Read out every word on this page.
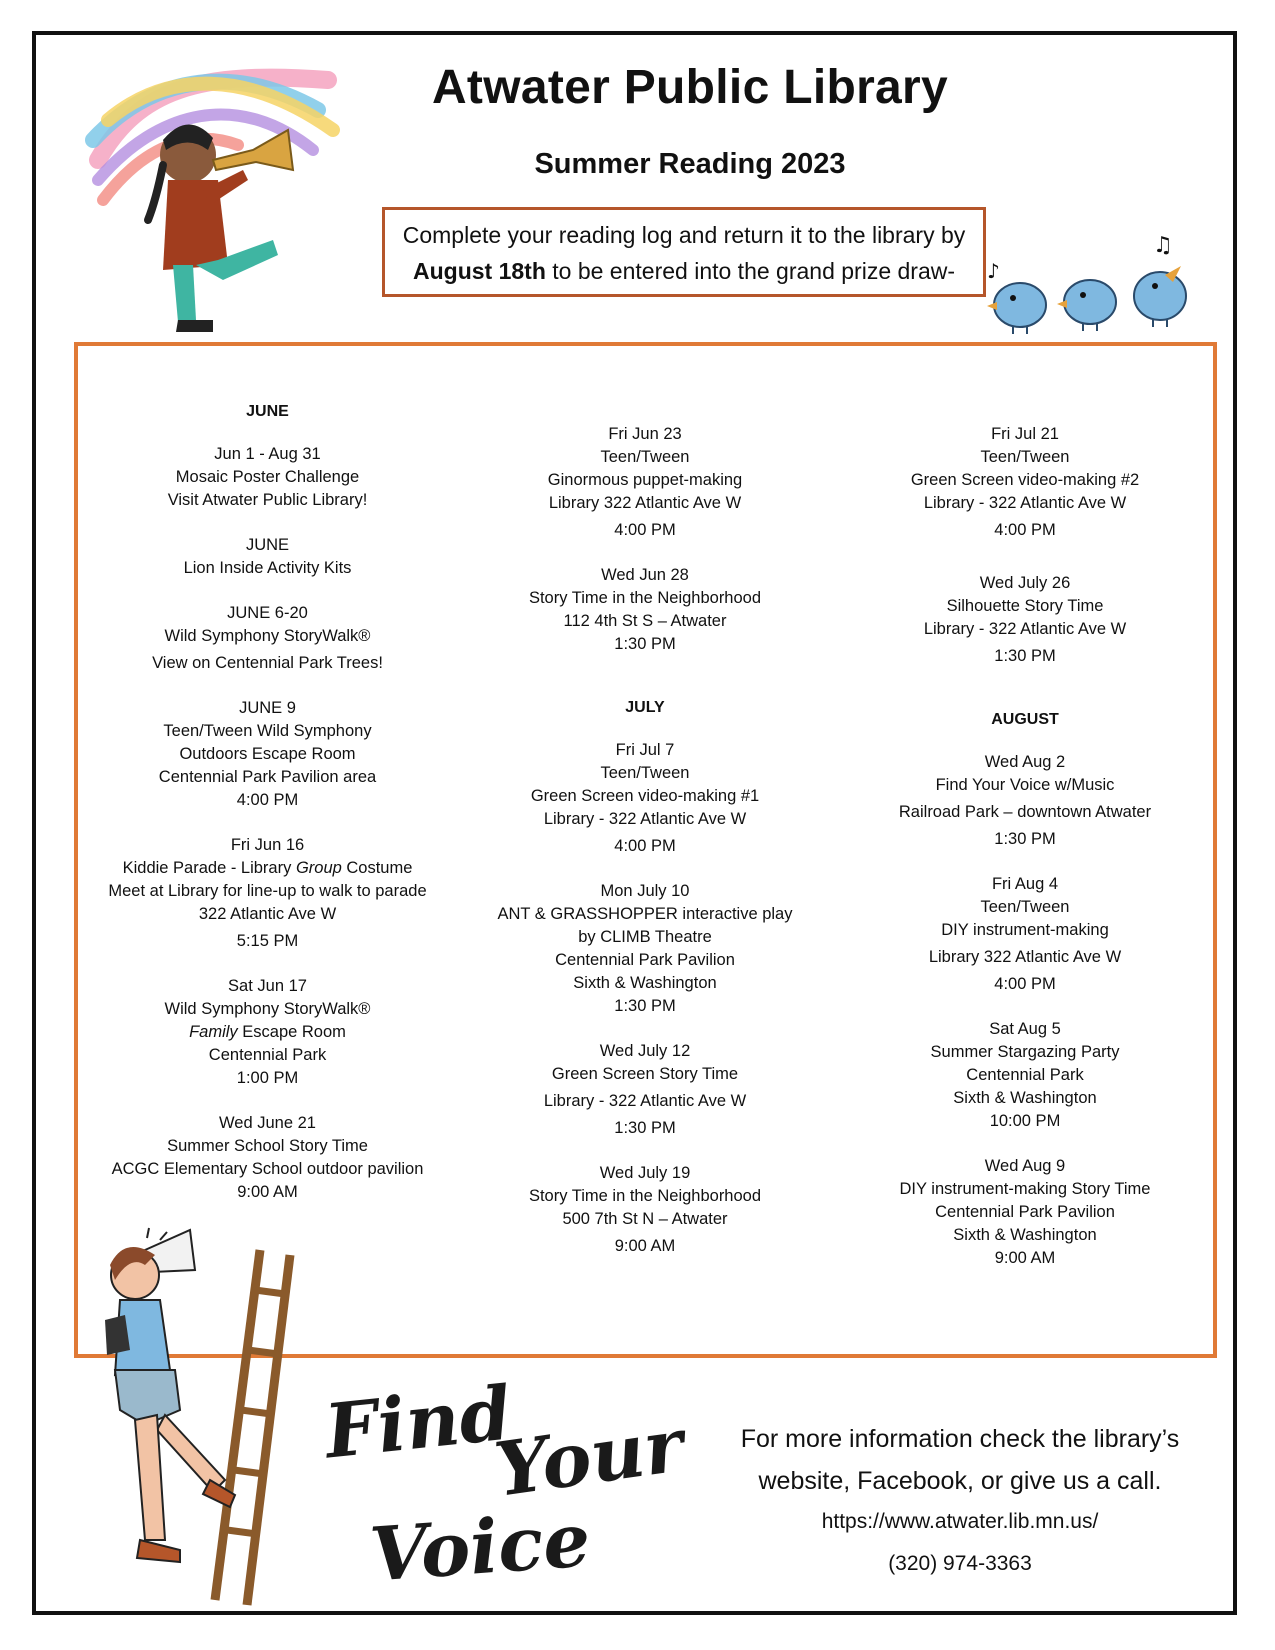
Atwater Public Library
Summer Reading 2023
Complete your reading log and return it to the library by
August 18th to be entered into the grand prize draw-
♫
♪
JUNE
Jun 1 - Aug 31
Mosaic Poster Challenge
Visit Atwater Public Library!
JUNE
Lion Inside Activity Kits
JUNE 6-20
Wild Symphony StoryWalk®
View on Centennial Park Trees!
JUNE 9
Teen/Tween Wild Symphony
Outdoors Escape Room
Centennial Park Pavilion area
4:00 PM
Fri Jun 16
Kiddie Parade - Library Group Costume
Meet at Library for line-up to walk to parade
322 Atlantic Ave W
5:15 PM
Sat Jun 17
Wild Symphony StoryWalk®
Family Escape Room
Centennial Park
1:00 PM
Wed June 21
Summer School Story Time
ACGC Elementary School outdoor pavilion
9:00 AM
Fri Jun 23
Teen/Tween
Ginormous puppet-making
Library 322 Atlantic Ave W
4:00 PM
Wed Jun 28
Story Time in the Neighborhood
112 4th St S – Atwater
1:30 PM
JULY
Fri Jul 7
Teen/Tween
Green Screen video-making #1
Library - 322 Atlantic Ave W
4:00 PM
Mon July 10
ANT & GRASSHOPPER interactive play
by CLIMB Theatre
Centennial Park Pavilion
Sixth & Washington
1:30 PM
Wed July 12
Green Screen Story Time
Library - 322 Atlantic Ave W
1:30 PM
Wed July 19
Story Time in the Neighborhood
500 7th St N – Atwater
9:00 AM
Fri Jul 21
Teen/Tween
Green Screen video-making #2
Library - 322 Atlantic Ave W
4:00 PM
Wed July 26
Silhouette Story Time
Library - 322 Atlantic Ave W
1:30 PM
AUGUST
Wed Aug 2
Find Your Voice w/Music
Railroad Park – downtown Atwater
1:30 PM
Fri Aug 4
Teen/Tween
DIY instrument-making
Library 322 Atlantic Ave W
4:00 PM
Sat Aug 5
Summer Stargazing Party
Centennial Park
Sixth & Washington
10:00 PM
Wed Aug 9
DIY instrument-making Story Time
Centennial Park Pavilion
Sixth & Washington
9:00 AM
Find
Your
Voice
For more information check the library’s
website, Facebook, or give us a call.
https://www.atwater.lib.mn.us/
(320) 974-3363
